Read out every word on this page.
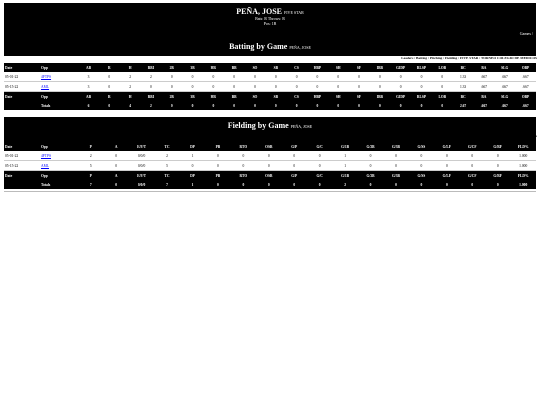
PEÑA, JOSE FIVE STAR
Bats: R Throws: R
Pos: 1B
Games /
Batting by Game PEÑA, JOSE
Leaders / Batting / Pitching / Fielding / FIVE STAR / TORNEO COLEGIO DE MEDICOS
Date	Opp	AB	R	H	RBI	2B	3B	HR	BB	SO	SB	CS	HBP	SH	SF	IBB	GIDP	RLSP	LOB	BC	BA	SLG	OBP
05-01-22	4FTPS	3	0	2	2	0	0	0	0	0	0	0	0	0	0	0	0	0	0	1.33	.667	.667	.667
05-15-22	AML	3	0	2	0	0	0	0	0	0	0	0	0	0	0	0	0	0	0	1.33	.667	.667	.667
Date	Opp	AB	R	H	RBI	2B	3B	HR	BB	SO	SB	CS	HBP	SH	SF	IBB	GIDP	RLSP	LOB	BC	BA	SLG	OBP
	Totals	6	0	4	2	0	0	0	0	0	0	0	0	0	0	0	0	0	0	2.67	.667	.667	.667
Fielding by Game PEÑA, JOSE
Leaders / Batting / Pitching / Fielding / FIVE STAR / TORNEO COLEGIO DE MEDICOS
Date	Opp	P	A	E/F/T	TC	DP	PB	RTO	OSB	G/P	G/C	G/1B	G/2B	G/3B	G/SS	G/LF	G/CF	G/RF	FLD%
05-01-22	4FTPS	2	0	0/0/0	2	1	0	0	0	0	0	1	0	0	0	0	0	0	1.000
05-15-22	AML	5	0	0/0/0	5	0	0	0	0	0	0	1	0	0	0	0	0	0	1.000
Date	Opp	P	A	E/F/T	TC	DP	PB	RTO	OSB	G/P	G/C	G/1B	G/2B	G/3B	G/SS	G/LF	G/CF	G/RF	FLD%
	Totals	7	0	0/0/0	7	1	0	0	0	0	0	2	0	0	0	0	0	0	1.000
